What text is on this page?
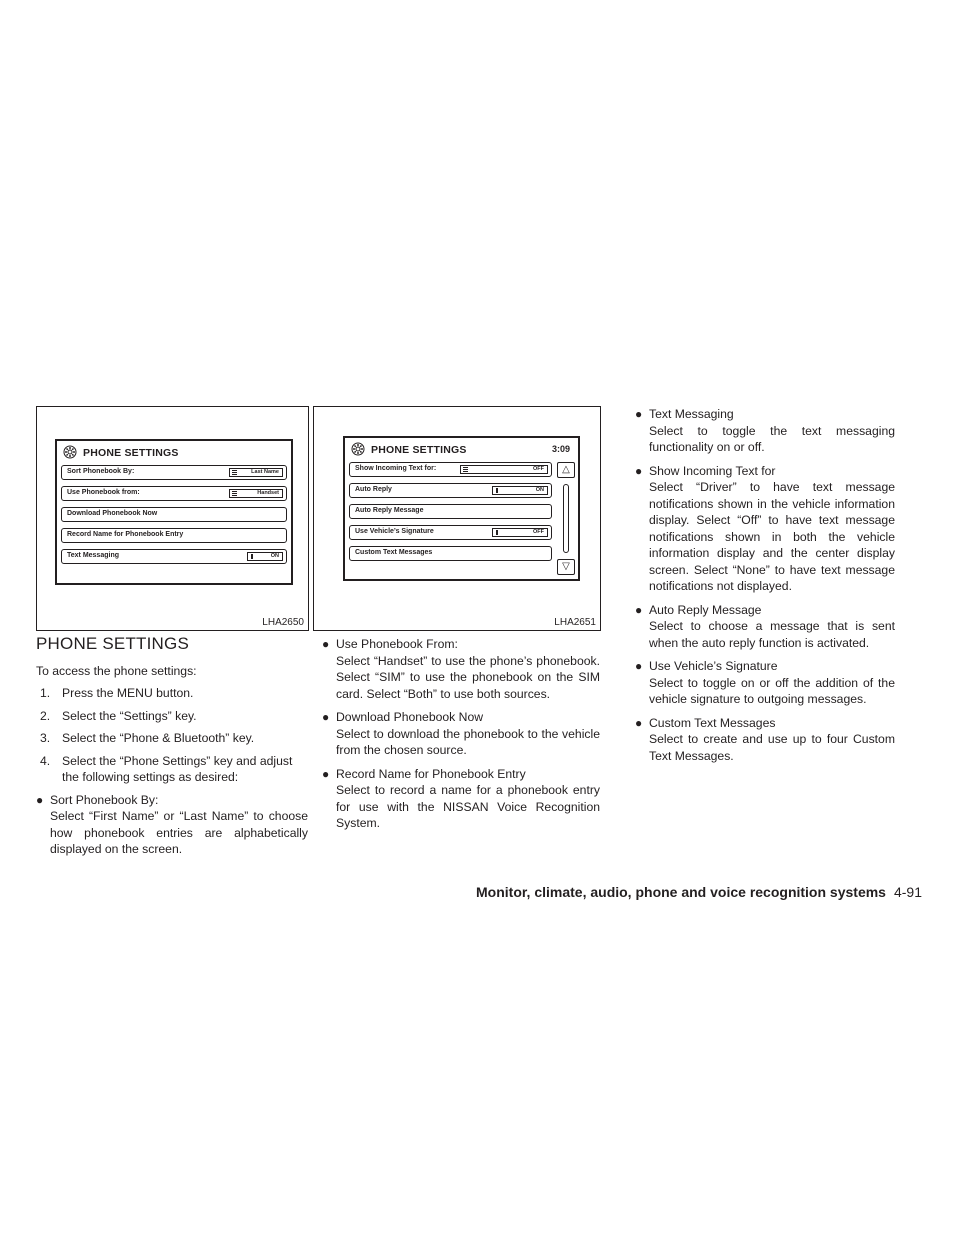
PHONE SETTINGS
Sort Phonebook By:	Last Name
Use Phonebook from:	Handset
Download Phonebook Now
Record Name for Phonebook Entry
Text Messaging	ON
LHA2650
PHONE SETTINGS	3:09
Show Incoming Text for:	OFF
Auto Reply	ON
Auto Reply Message
Use Vehicle’s Signature	OFF
Custom Text Messages
△
▽
LHA2651
PHONE SETTINGS

To access the phone settings:

1. Press the MENU button.
2. Select the “Settings” key.
3. Select the “Phone & Bluetooth” key.
4. Select the “Phone Settings” key and adjust the following settings as desired:
● Sort Phonebook By:
Select “First Name” or “Last Name” to choose how phonebook entries are alphabetically displayed on the screen.
● Use Phonebook From:
Select “Handset” to use the phone’s phonebook. Select “SIM” to use the phonebook on the SIM card. Select “Both” to use both sources.
● Download Phonebook Now
Select to download the phonebook to the vehicle from the chosen source.
● Record Name for Phonebook Entry
Select to record a name for a phonebook entry for use with the NISSAN Voice Recognition System.
● Text Messaging
Select to toggle the text messaging functionality on or off.
● Show Incoming Text for
Select “Driver” to have text message notifications shown in the vehicle information display. Select “Off” to have text message notifications shown in both the vehicle information display and the center display screen. Select “None” to have text message notifications not displayed.
● Auto Reply Message
Select to choose a message that is sent when the auto reply function is activated.
● Use Vehicle’s Signature
Select to toggle on or off the addition of the vehicle signature to outgoing messages.
● Custom Text Messages
Select to create and use up to four Custom Text Messages.
Monitor, climate, audio, phone and voice recognition systems 4-91
